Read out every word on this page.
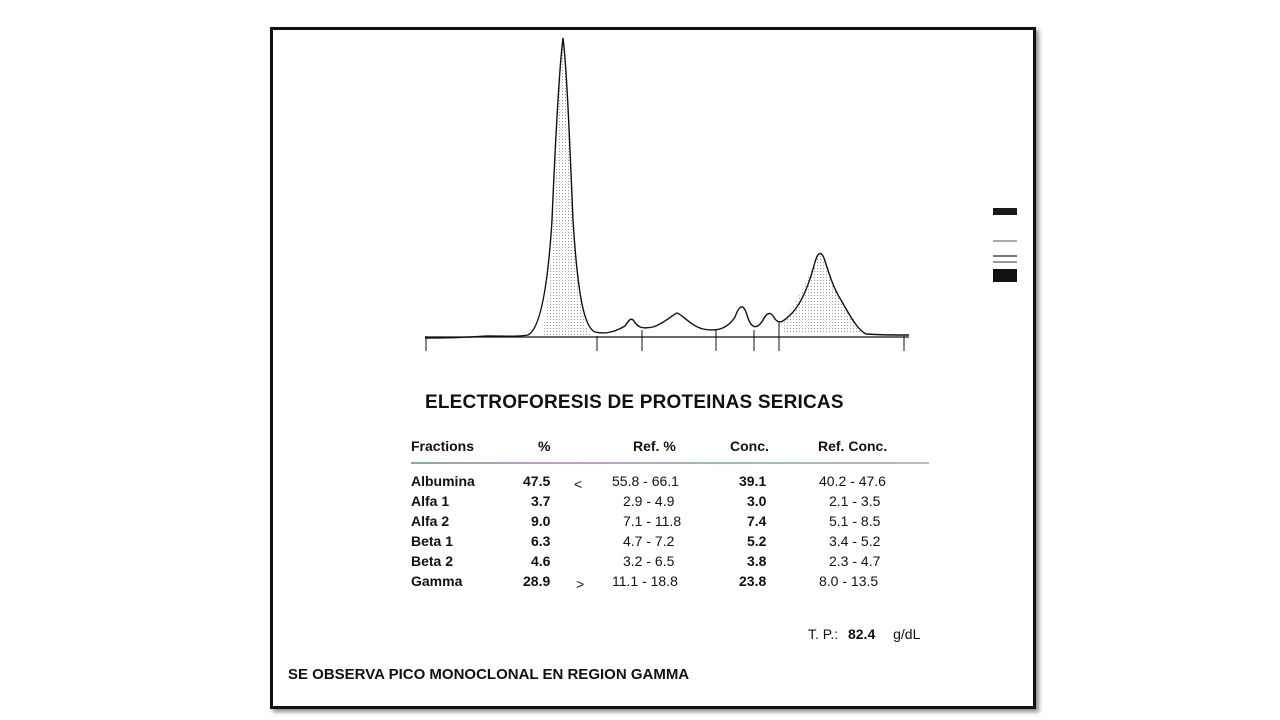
ELECTROFORESIS DE PROTEINAS SERICAS
Fractions	%	Ref. %	Conc.	Ref. Conc.
Albumina	47.5 < 55.8 - 66.1	39.1	40.2 - 47.6
Alfa 1	3.7	2.9 - 4.9	3.0	2.1 - 3.5
Alfa 2	9.0	7.1 - 11.8	7.4	5.1 - 8.5
Beta 1	6.3	4.7 - 7.2	5.2	3.4 - 5.2
Beta 2	4.6	3.2 - 6.5	3.8	2.3 - 4.7
Gamma	28.9 > 11.1 - 18.8	23.8	8.0 - 13.5
T. P.: 82.4 g/dL
SE OBSERVA PICO MONOCLONAL EN REGION GAMMA
